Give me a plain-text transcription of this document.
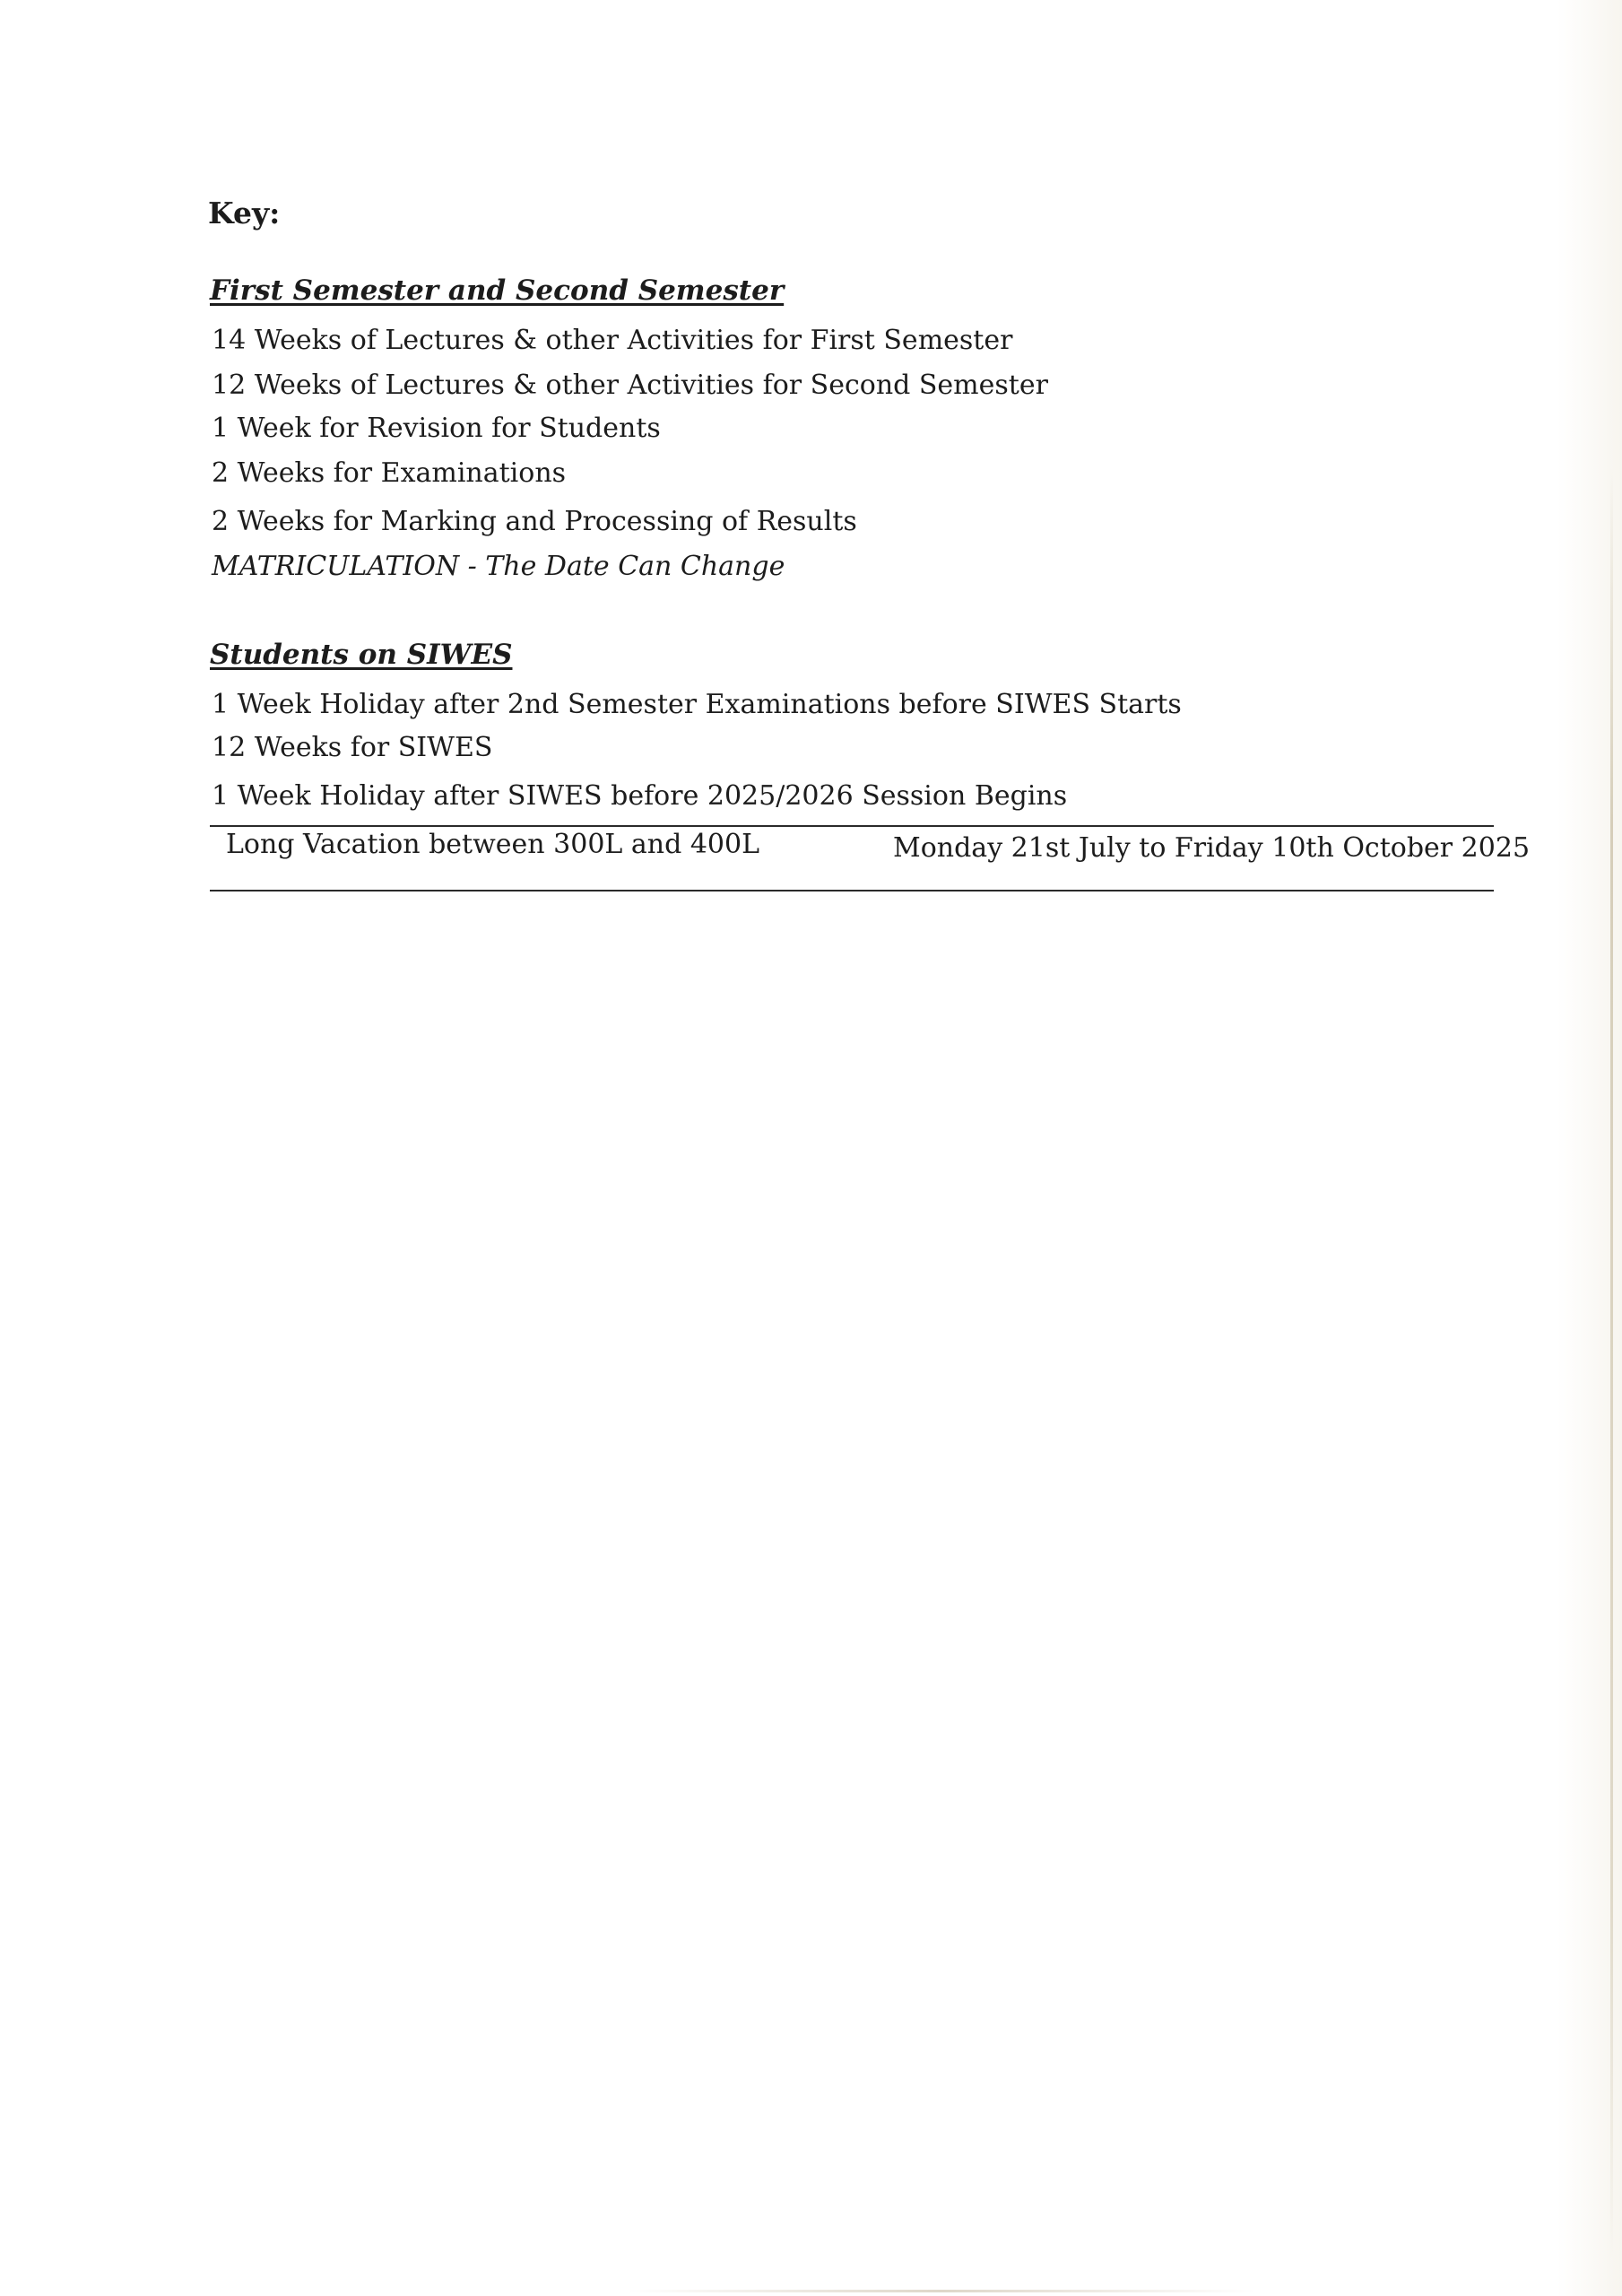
Key:
First Semester and Second Semester
14 Weeks of Lectures & other Activities for First Semester
12 Weeks of Lectures & other Activities for Second Semester
1 Week for Revision for Students
2 Weeks for Examinations
2 Weeks for Marking and Processing of Results
MATRICULATION - The Date Can Change
Students on SIWES
1 Week Holiday after 2nd Semester Examinations before SIWES Starts
12 Weeks for SIWES
1 Week Holiday after SIWES before 2025/2026 Session Begins
Long Vacation between 300L and 400L	Monday 21st July to Friday 10th October 2025
